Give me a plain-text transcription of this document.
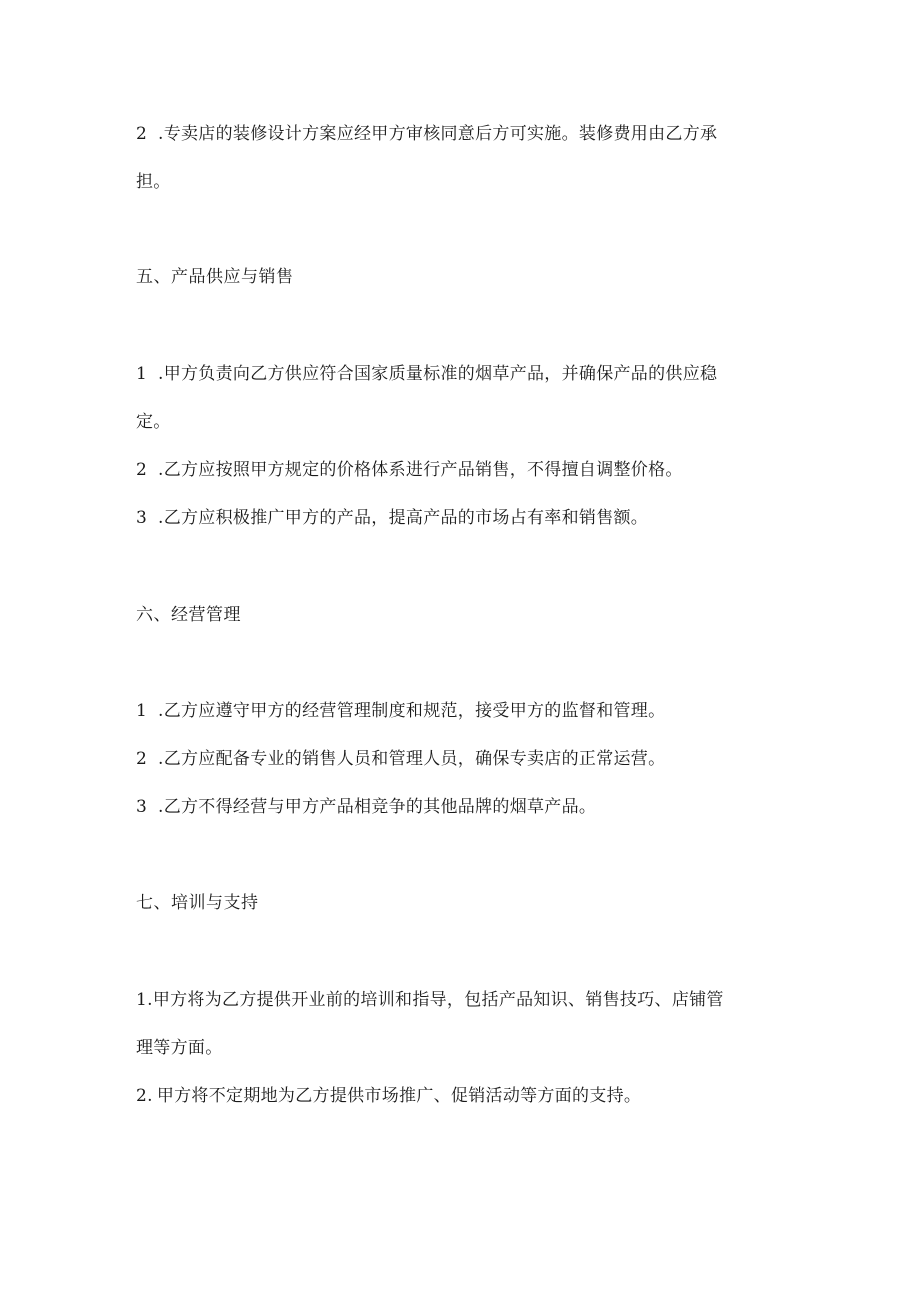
2 .专卖店的装修设计方案应经甲方审核同意后方可实施。装修费用由乙方承
担。
五、产品供应与销售
1 .甲方负责向乙方供应符合国家质量标准的烟草产品，并确保产品的供应稳
定。
2 .乙方应按照甲方规定的价格体系进行产品销售，不得擅自调整价格。
3 .乙方应积极推广甲方的产品，提高产品的市场占有率和销售额。
六、经营管理
1 .乙方应遵守甲方的经营管理制度和规范，接受甲方的监督和管理。
2 .乙方应配备专业的销售人员和管理人员，确保专卖店的正常运营。
3 .乙方不得经营与甲方产品相竞争的其他品牌的烟草产品。
七、培训与支持
1.甲方将为乙方提供开业前的培训和指导，包括产品知识、销售技巧、店铺管
理等方面。
2. 甲方将不定期地为乙方提供市场推广、促销活动等方面的支持。
